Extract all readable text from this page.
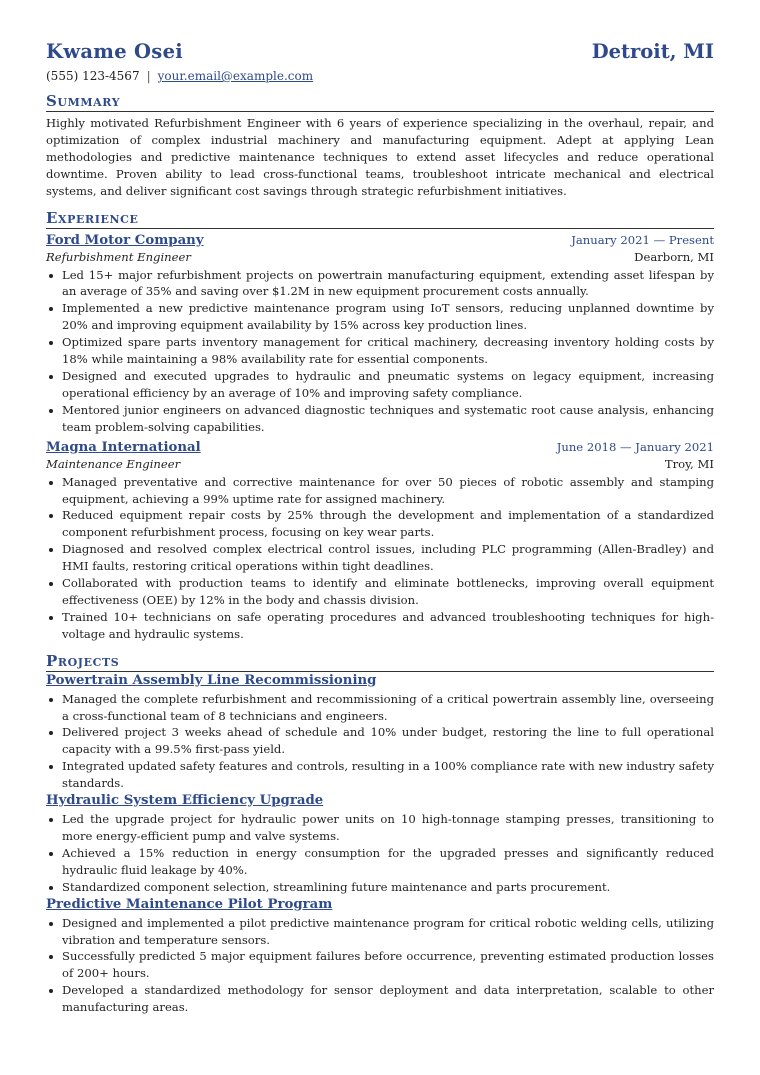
Kwame Osei	Detroit, MI
(555) 123-4567 | your.email@example.com
Summary
Highly motivated Refurbishment Engineer with 6 years of experience specializing in the overhaul, repair, and optimization of complex industrial machinery and manufacturing equipment. Adept at applying Lean methodologies and predictive maintenance techniques to extend asset lifecycles and reduce operational downtime. Proven ability to lead cross-functional teams, troubleshoot intricate mechanical and electrical systems, and deliver significant cost savings through strategic refurbishment initiatives.
Experience
Ford Motor Company	January 2021 — Present
Refurbishment Engineer	Dearborn, MI
Led 15+ major refurbishment projects on powertrain manufacturing equipment, extending asset lifespan by an average of 35% and saving over $1.2M in new equipment procurement costs annually.
Implemented a new predictive maintenance program using IoT sensors, reducing unplanned downtime by 20% and improving equipment availability by 15% across key production lines.
Optimized spare parts inventory management for critical machinery, decreasing inventory holding costs by 18% while maintaining a 98% availability rate for essential components.
Designed and executed upgrades to hydraulic and pneumatic systems on legacy equipment, increasing operational efficiency by an average of 10% and improving safety compliance.
Mentored junior engineers on advanced diagnostic techniques and systematic root cause analysis, enhancing team problem-solving capabilities.
Magna International	June 2018 — January 2021
Maintenance Engineer	Troy, MI
Managed preventative and corrective maintenance for over 50 pieces of robotic assembly and stamping equipment, achieving a 99% uptime rate for assigned machinery.
Reduced equipment repair costs by 25% through the development and implementation of a standardized component refurbishment process, focusing on key wear parts.
Diagnosed and resolved complex electrical control issues, including PLC programming (Allen-Bradley) and HMI faults, restoring critical operations within tight deadlines.
Collaborated with production teams to identify and eliminate bottlenecks, improving overall equipment effectiveness (OEE) by 12% in the body and chassis division.
Trained 10+ technicians on safe operating procedures and advanced troubleshooting techniques for high-voltage and hydraulic systems.
Projects
Powertrain Assembly Line Recommissioning
Managed the complete refurbishment and recommissioning of a critical powertrain assembly line, overseeing a cross-functional team of 8 technicians and engineers.
Delivered project 3 weeks ahead of schedule and 10% under budget, restoring the line to full operational capacity with a 99.5% first-pass yield.
Integrated updated safety features and controls, resulting in a 100% compliance rate with new industry safety standards.
Hydraulic System Efficiency Upgrade
Led the upgrade project for hydraulic power units on 10 high-tonnage stamping presses, transitioning to more energy-efficient pump and valve systems.
Achieved a 15% reduction in energy consumption for the upgraded presses and significantly reduced hydraulic fluid leakage by 40%.
Standardized component selection, streamlining future maintenance and parts procurement.
Predictive Maintenance Pilot Program
Designed and implemented a pilot predictive maintenance program for critical robotic welding cells, utilizing vibration and temperature sensors.
Successfully predicted 5 major equipment failures before occurrence, preventing estimated production losses of 200+ hours.
Developed a standardized methodology for sensor deployment and data interpretation, scalable to other manufacturing areas.
